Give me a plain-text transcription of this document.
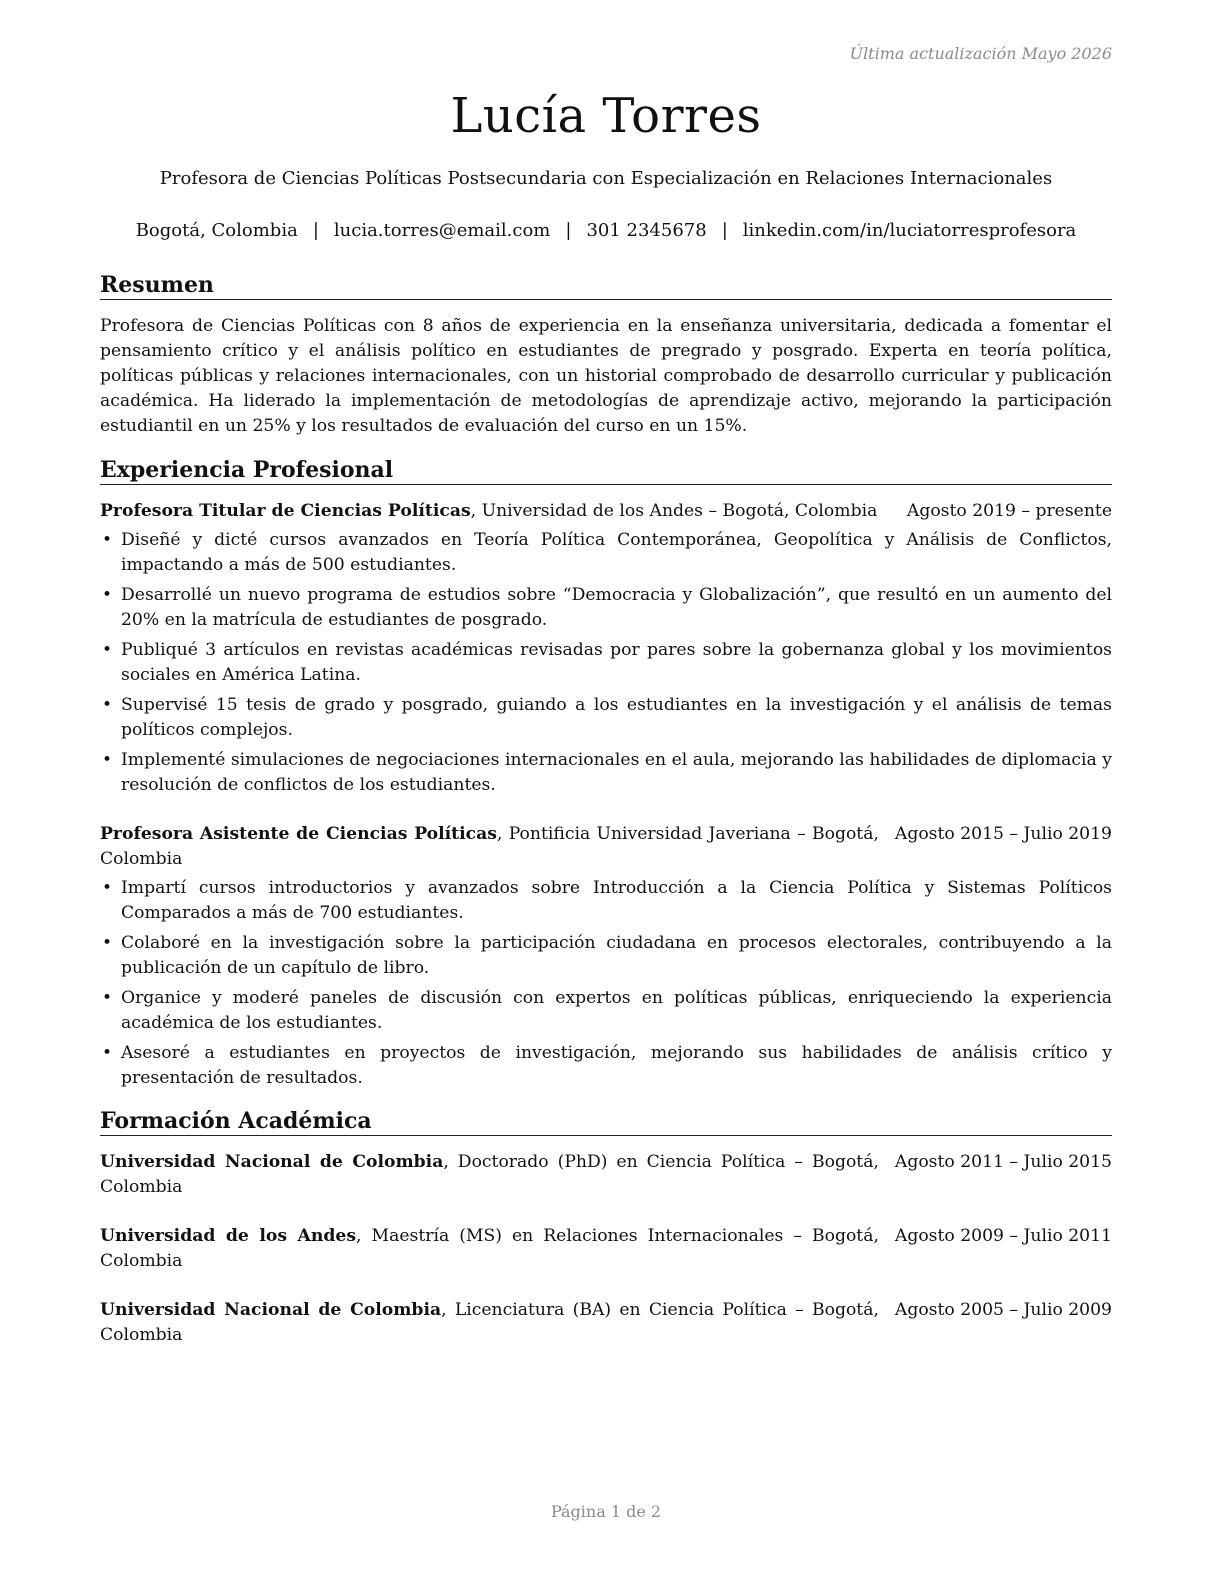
Última actualización Mayo 2026
Lucía Torres
Profesora de Ciencias Políticas Postsecundaria con Especialización en Relaciones Internacionales
Bogotá, Colombia | lucia.torres@email.com | 301 2345678 | linkedin.com/in/luciatorresprofesora
Resumen
Profesora de Ciencias Políticas con 8 años de experiencia en la enseñanza universitaria, dedicada a fomentar el pensamiento crítico y el análisis político en estudiantes de pregrado y posgrado. Experta en teoría política, políticas públicas y relaciones internacionales, con un historial comprobado de desarrollo curricular y publicación académica. Ha liderado la implementación de metodologías de aprendizaje activo, mejorando la participación estudiantil en un 25% y los resultados de evaluación del curso en un 15%.
Experiencia Profesional
Profesora Titular de Ciencias Políticas, Universidad de los Andes – Bogotá, Colombia	Agosto 2019 – presente
• Diseñé y dicté cursos avanzados en Teoría Política Contemporánea, Geopolítica y Análisis de Conflictos, impactando a más de 500 estudiantes.
• Desarrollé un nuevo programa de estudios sobre “Democracia y Globalización”, que resultó en un aumento del 20% en la matrícula de estudiantes de posgrado.
• Publiqué 3 artículos en revistas académicas revisadas por pares sobre la gobernanza global y los movimientos sociales en América Latina.
• Supervisé 15 tesis de grado y posgrado, guiando a los estudiantes en la investigación y el análisis de temas políticos complejos.
• Implementé simulaciones de negociaciones internacionales en el aula, mejorando las habilidades de diplomacia y resolución de conflictos de los estudiantes.
Profesora Asistente de Ciencias Políticas, Pontificia Universidad Javeriana – Bogotá, Colombia
Agosto 2015 – Julio 2019
• Impartí cursos introductorios y avanzados sobre Introducción a la Ciencia Política y Sistemas Políticos Comparados a más de 700 estudiantes.
• Colaboré en la investigación sobre la participación ciudadana en procesos electorales, contribuyendo a la publicación de un capítulo de libro.
• Organice y moderé paneles de discusión con expertos en políticas públicas, enriqueciendo la experiencia académica de los estudiantes.
• Asesoré a estudiantes en proyectos de investigación, mejorando sus habilidades de análisis crítico y presentación de resultados.
Formación Académica
Universidad Nacional de Colombia, Doctorado (PhD) en Ciencia Política – Bogotá, Colombia
Agosto 2011 – Julio 2015
Universidad de los Andes, Maestría (MS) en Relaciones Internacionales – Bogotá, Colombia
Agosto 2009 – Julio 2011
Universidad Nacional de Colombia, Licenciatura (BA) en Ciencia Política – Bogotá, Colombia
Agosto 2005 – Julio 2009
Página 1 de 2
